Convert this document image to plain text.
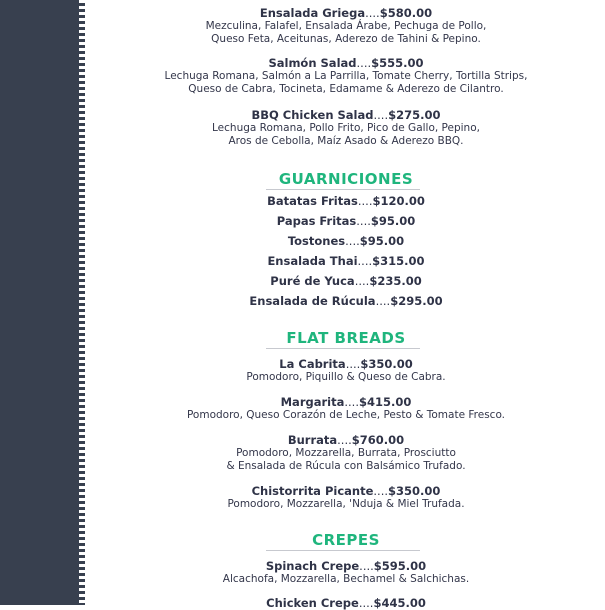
Ensalada Griega....$580.00
Mezculina, Falafel, Ensalada Árabe, Pechuga de Pollo,
Queso Feta, Aceitunas, Aderezo de Tahini & Pepino.
Salmón Salad....$555.00
Lechuga Romana, Salmón a La Parrilla, Tomate Cherry, Tortilla Strips,
Queso de Cabra, Tocineta, Edamame & Aderezo de Cilantro.
BBQ Chicken Salad....$275.00
Lechuga Romana, Pollo Frito, Pico de Gallo, Pepino,
Aros de Cebolla, Maíz Asado & Aderezo BBQ.
GUARNICIONES
Batatas Fritas....$120.00
Papas Fritas....$95.00
Tostones....$95.00
Ensalada Thai....$315.00
Puré de Yuca....$235.00
Ensalada de Rúcula....$295.00
FLAT BREADS
La Cabrita....$350.00
Pomodoro, Piquillo & Queso de Cabra.
Margarita....$415.00
Pomodoro, Queso Corazón de Leche, Pesto & Tomate Fresco.
Burrata....$760.00
Pomodoro, Mozzarella, Burrata, Prosciutto
& Ensalada de Rúcula con Balsámico Trufado.
Chistorrita Picante....$350.00
Pomodoro, Mozzarella, 'Nduja & Miel Trufada.
CREPES
Spinach Crepe....$595.00
Alcachofa, Mozzarella, Bechamel & Salchichas.
Chicken Crepe....$445.00
